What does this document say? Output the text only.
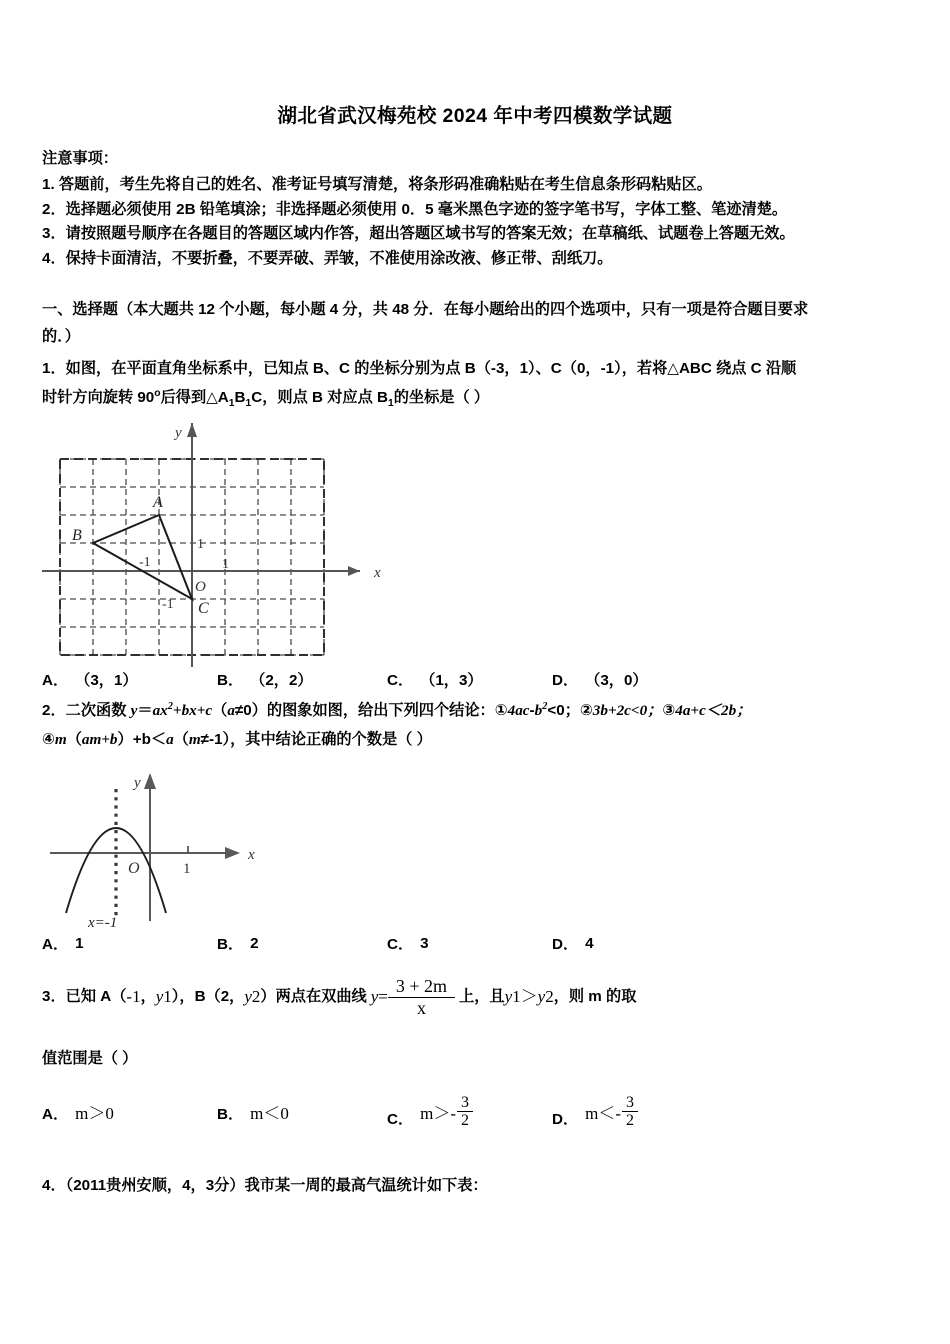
湖北省武汉梅苑校 2024 年中考四模数学试题
注意事项：
1. 答题前，考生先将自己的姓名、准考证号填写清楚，将条形码准确粘贴在考生信息条形码粘贴区。
2．选择题必须使用 2B 铅笔填涂；非选择题必须使用 0．5 毫米黑色字迹的签字笔书写，字体工整、笔迹清楚。
3．请按照题号顺序在各题目的答题区域内作答，超出答题区域书写的答案无效；在草稿纸、试题卷上答题无效。
4．保持卡面清洁，不要折叠，不要弄破、弄皱，不准使用涂改液、修正带、刮纸刀。
一、选择题（本大题共 12 个小题，每小题 4 分，共 48 分．在每小题给出的四个选项中，只有一项是符合题目要求
的．）
1．如图，在平面直角坐标系中，已知点 B、C 的坐标分别为点 B（-3，1）、C（0，-1），若将△ABC 绕点 C 沿顺
时针方向旋转 90$^o$后得到$\triangle A_1B_1C$，则点 B 对应点 $B_1$的坐标是（ ）
x
y
A
B
C
O
1
1
-1
-1
A． （3，1）	B． （2，2）	C． （1，3）	D． （3，0）
2．二次函数 $y=ax^2+bx+c(a\ne 0)$的图象如图，给出下列四个结论：$①4ac-b^2<0$；②3b+2c<0；③4a+c＜2b；
④m（am+b）+b＜a（m≠-1），其中结论正确的个数是（ ）
x
y
O	1
x=-1
A． 1	B． 2	C． 3	D． 4
3． 已知 A（ - 1 ， y 1 ），B（2， y 2 ）两点在双曲线 $y = \frac{3 + 2m}{x}$ 上，且 y 1 ＞ y 2 ，则 m 的取
值范围是（ ）
A． m＞0	B． m＜0	C． $m>- \frac{3}{2}$	D． $m<- \frac{3}{2}$
4．（2011贵州安顺，4，3分）我市某一周的最高气温统计如下表：
